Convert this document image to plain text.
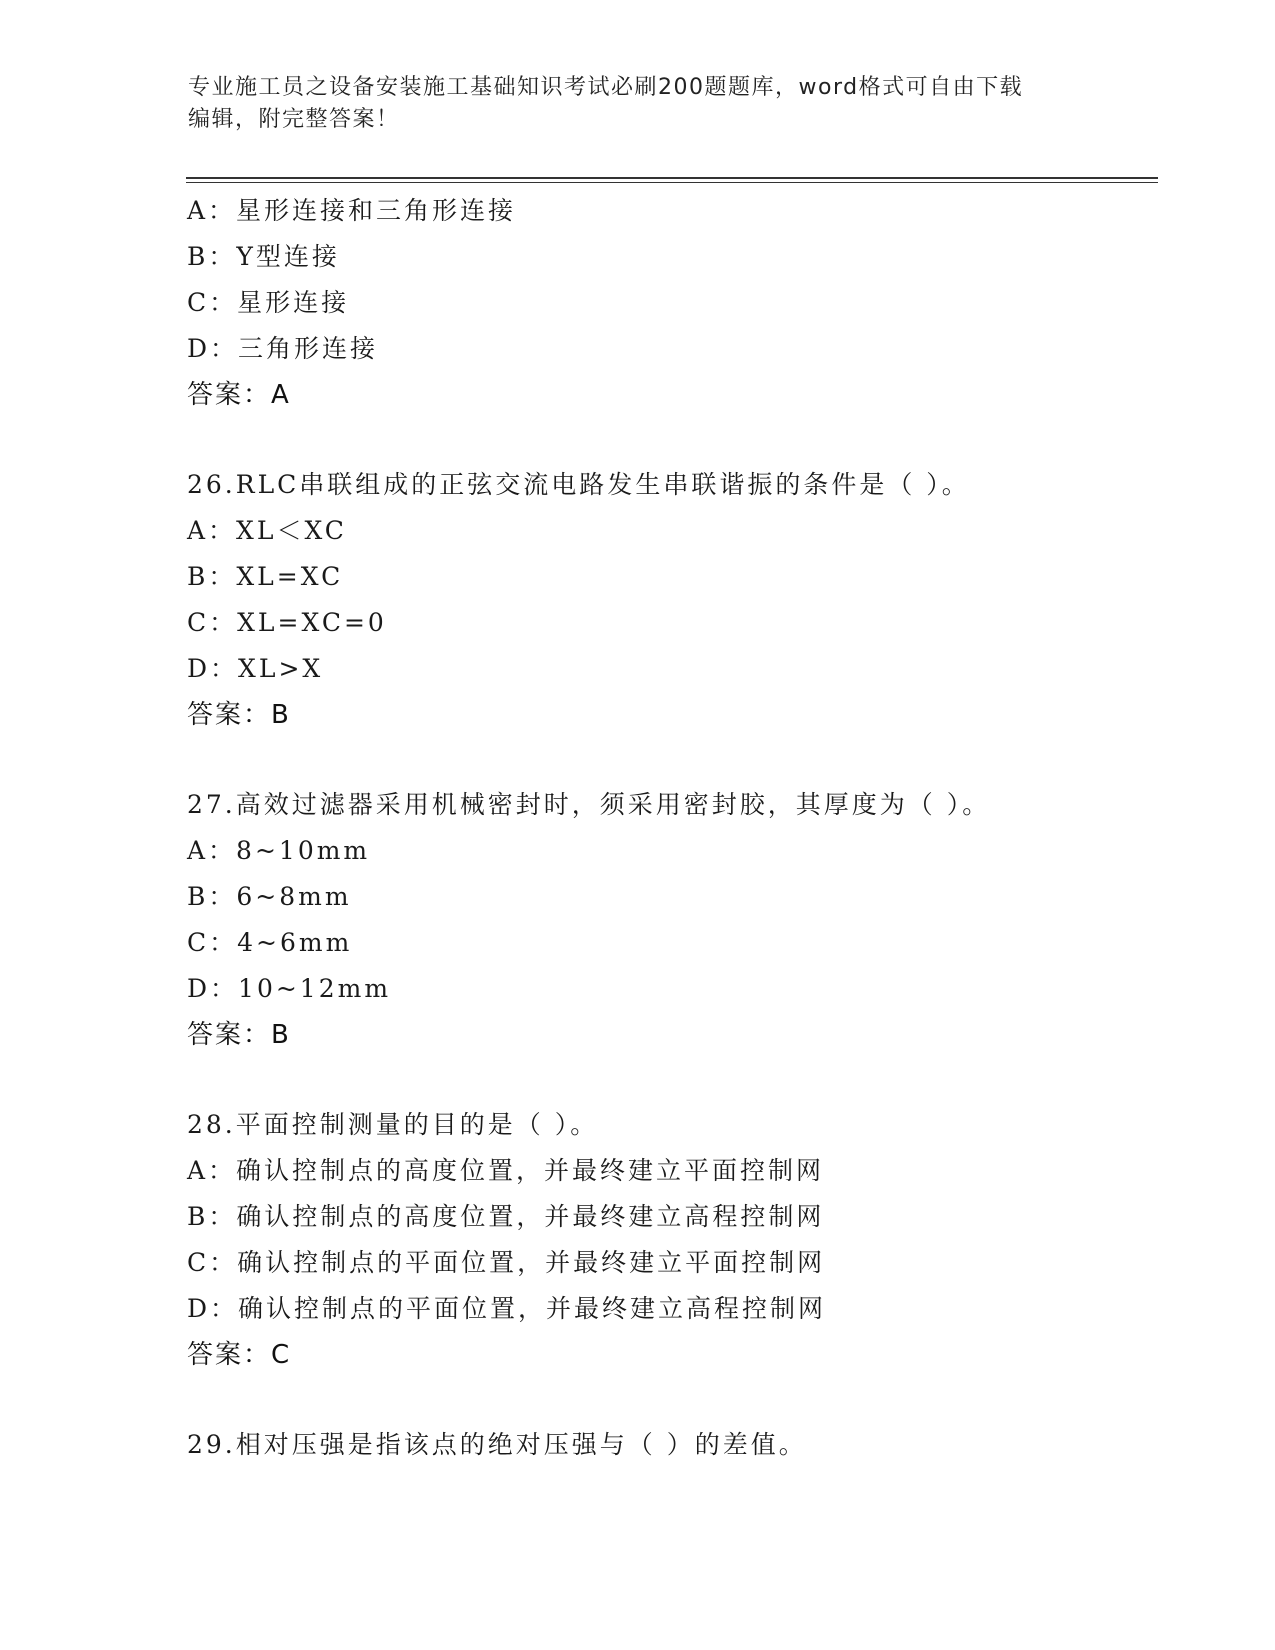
专业施工员之设备安装施工基础知识考试必刷200题题库，word格式可自由下载
编辑，附完整答案！
A：星形连接和三角形连接
B：Y型连接
C：星形连接
D：三角形连接
答案：A
26.RLC串联组成的正弦交流电路发生串联谐振的条件是（ ）。
A：XL＜XC
B：XL=XC
C：XL=XC=0
D：XL>X
答案：B
27.高效过滤器采用机械密封时，须采用密封胶，其厚度为（ ）。
A：8~10mm
B：6~8mm
C：4~6mm
D：10~12mm
答案：B
28.平面控制测量的目的是（ ）。
A：确认控制点的高度位置，并最终建立平面控制网
B：确认控制点的高度位置，并最终建立高程控制网
C：确认控制点的平面位置，并最终建立平面控制网
D：确认控制点的平面位置，并最终建立高程控制网
答案：C
29.相对压强是指该点的绝对压强与（ ）的差值。
